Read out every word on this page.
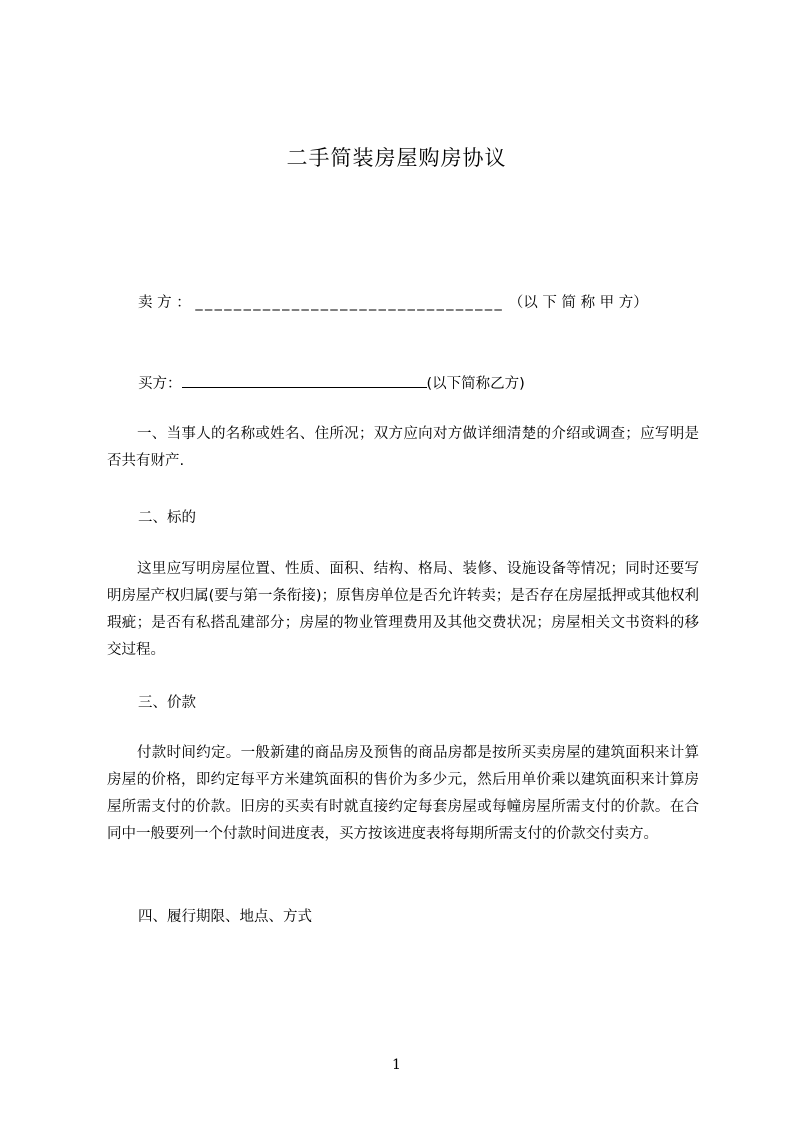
二手简装房屋购房协议
卖 方 ： ________________________________ （以 下 简 称 甲 方）
买方：	(以下简称乙方)
一、当事人的名称或姓名、住所况；双方应向对方做详细清楚的介绍或调查；应写明是否共有财产.
二、标的
这里应写明房屋位置、性质、面积、结构、格局、装修、设施设备等情况；同时还要写明房屋产权归属(要与第一条衔接)；原售房单位是否允许转卖；是否存在房屋抵押或其他权利瑕疵；是否有私搭乱建部分；房屋的物业管理费用及其他交费状况；房屋相关文书资料的移交过程。
三、价款
付款时间约定。一般新建的商品房及预售的商品房都是按所买卖房屋的建筑面积来计算房屋的价格，即约定每平方米建筑面积的售价为多少元，然后用单价乘以建筑面积来计算房屋所需支付的价款。旧房的买卖有时就直接约定每套房屋或每幢房屋所需支付的价款。在合同中一般要列一个付款时间进度表，买方按该进度表将每期所需支付的价款交付卖方。
四、履行期限、地点、方式
1
